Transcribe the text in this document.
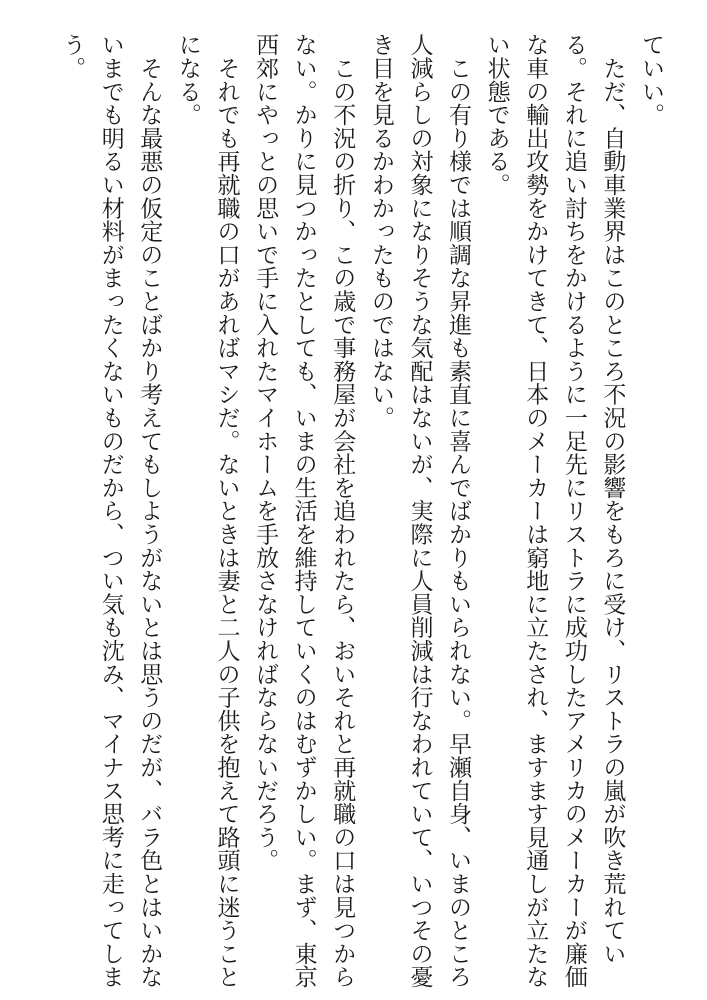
ていい。
　ただ、自動車業界はこのところ不況の影響をもろに受け、リストラの嵐が吹き荒れてい
る。それに追い討ちをかけるように一足先にリストラに成功したアメリカのメーカーが廉価
な車の輸出攻勢をかけてきて、日本のメーカーは窮地に立たされ、ますます見通しが立たな
い状態である。
　この有り様では順調な昇進も素直に喜んでばかりもいられない。早瀬自身、いまのところ
人減らしの対象になりそうな気配はないが、実際に人員削減は行なわれていて、いつその憂
き目を見るかわかったものではない。
　この不況の折り、この歳で事務屋が会社を追われたら、おいそれと再就職の口は見つから
ない。かりに見つかったとしても、いまの生活を維持していくのはむずかしい。まず、東京
西郊にやっとの思いで手に入れたマイホームを手放さなければならないだろう。
　それでも再就職の口があればマシだ。ないときは妻と二人の子供を抱えて路頭に迷うこと
になる。
　そんな最悪の仮定のことばかり考えてもしようがないとは思うのだが、バラ色とはいかな
いまでも明るい材料がまったくないものだから、つい気も沈み、マイナス思考に走ってしま
う。
